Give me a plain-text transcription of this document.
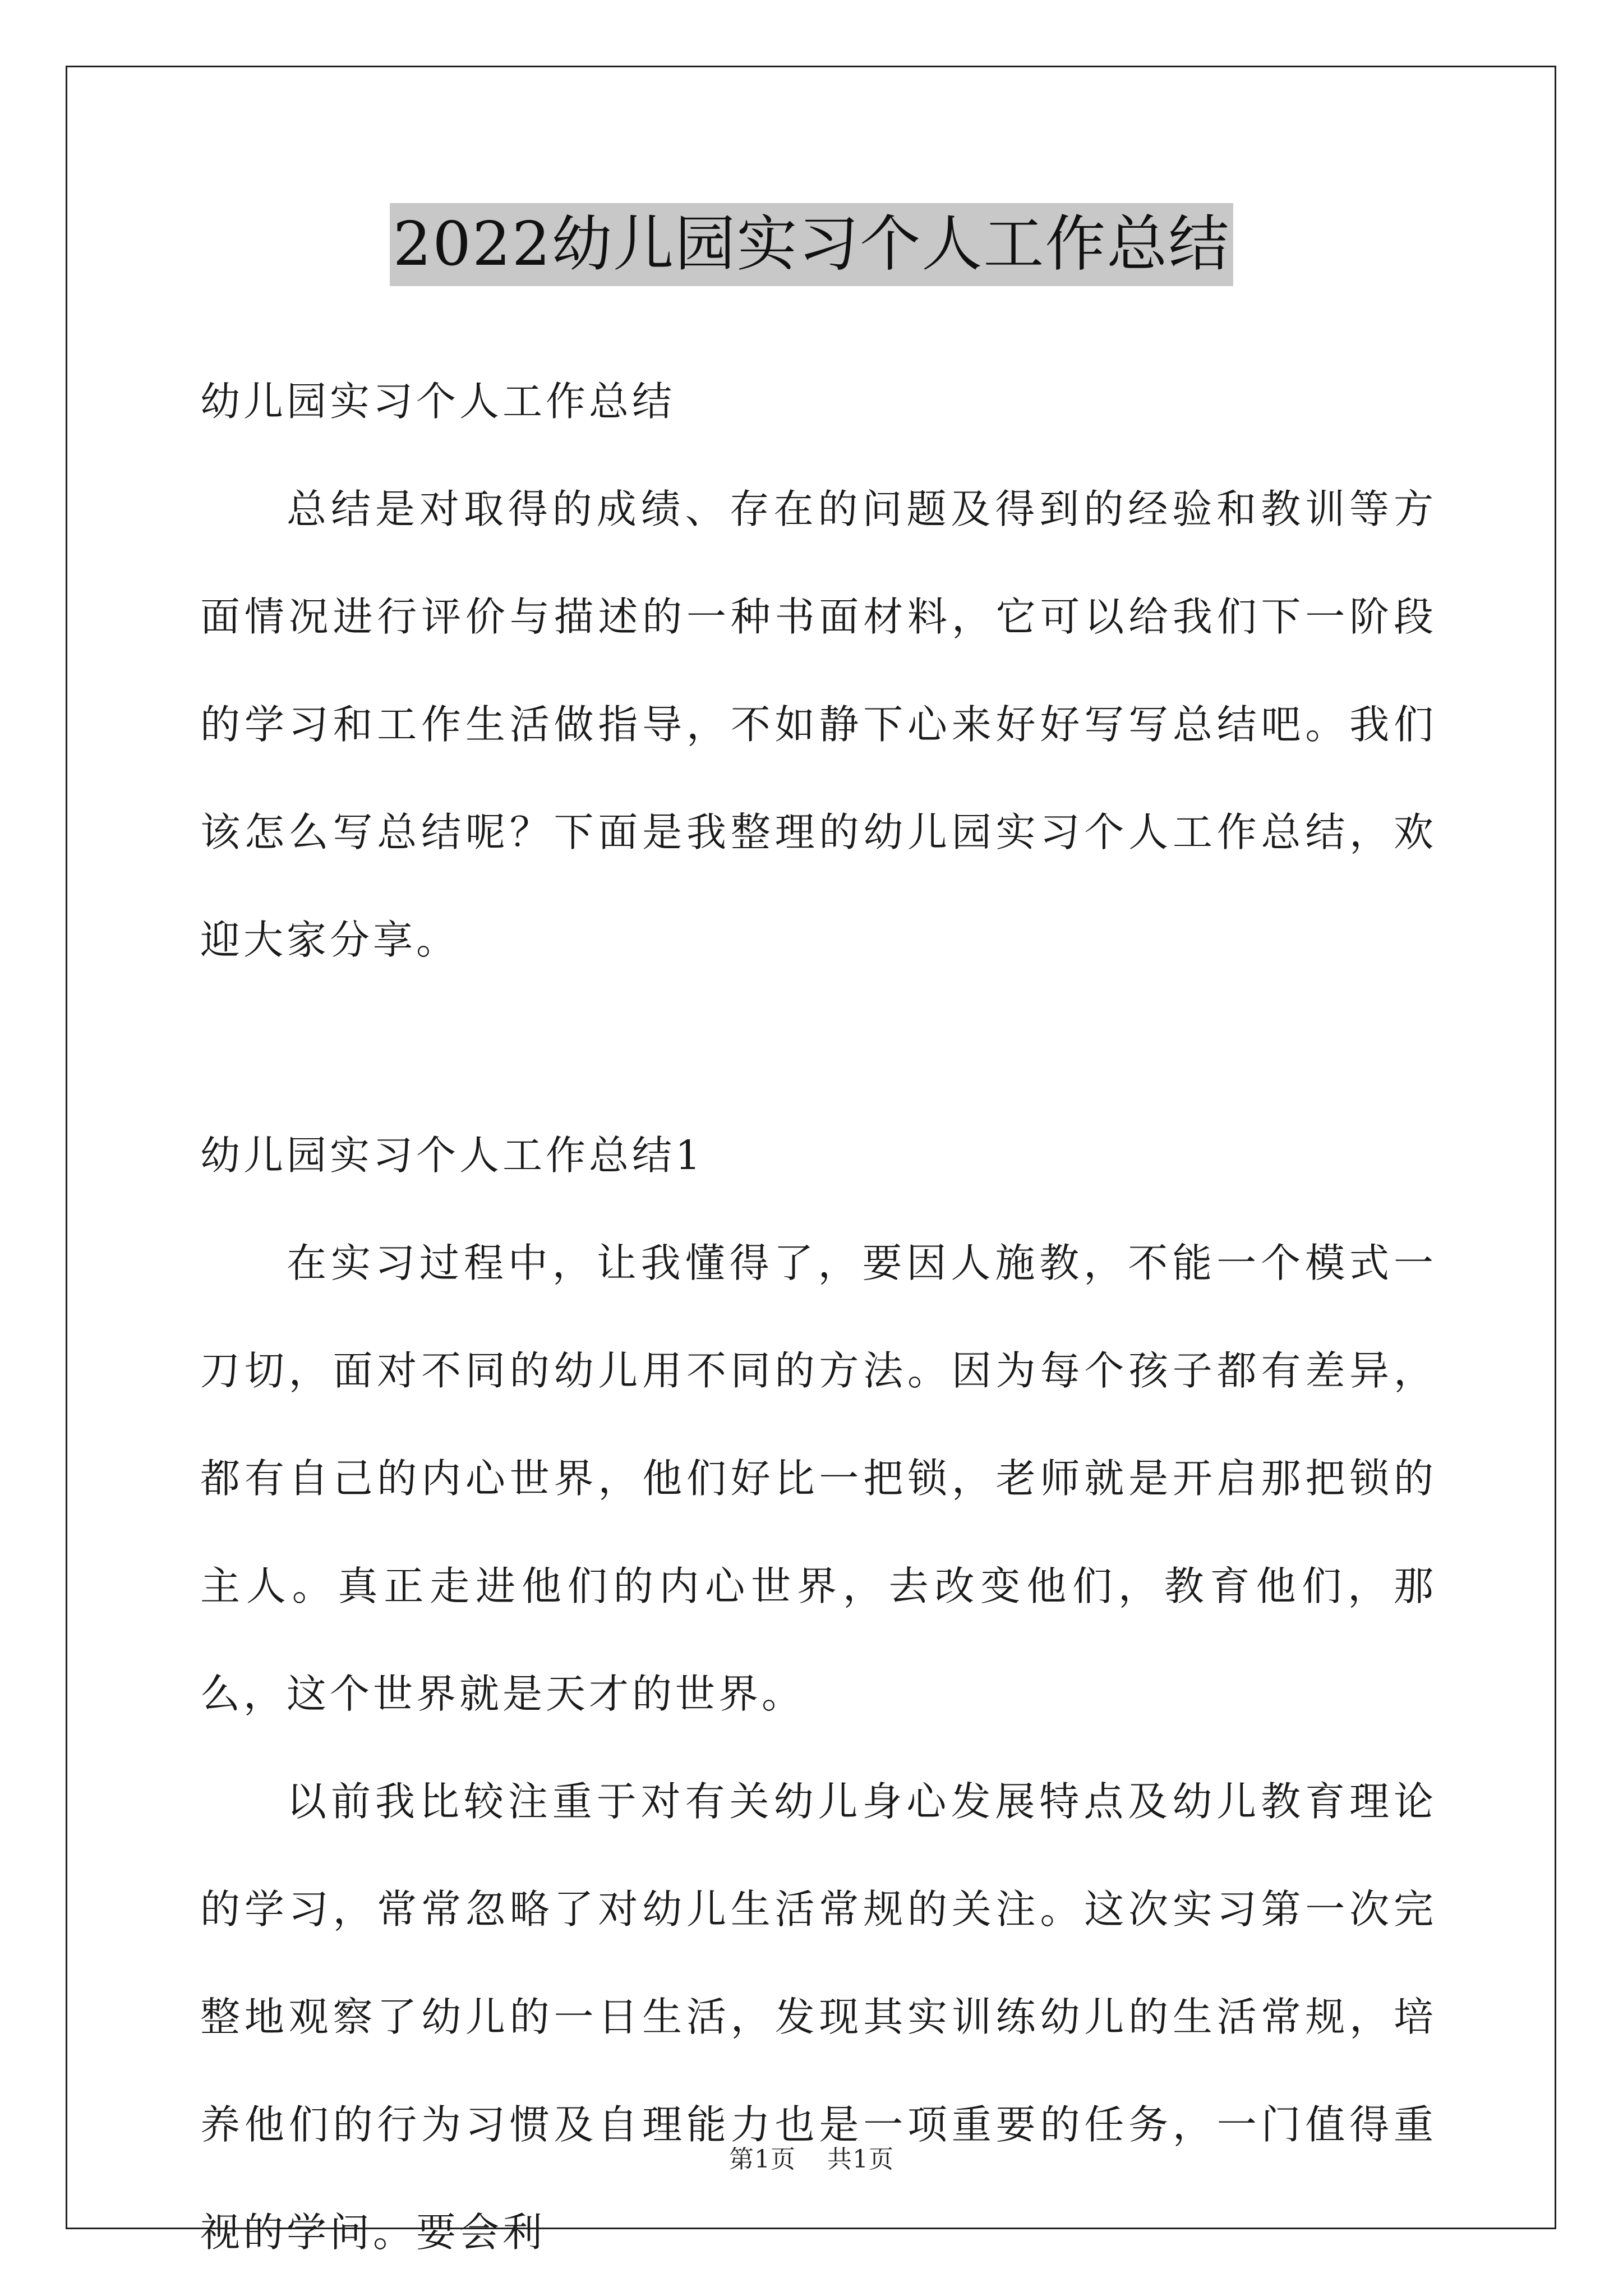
2022幼儿园实习个人工作总结

幼儿园实习个人工作总结

总结是对取得的成绩、存在的问题及得到的经验和教训等方面情况进行评价与描述的一种书面材料，它可以给我们下一阶段的学习和工作生活做指导，不如静下心来好好写写总结吧。我们该怎么写总结呢？下面是我整理的幼儿园实习个人工作总结，欢迎大家分享。

幼儿园实习个人工作总结1

在实习过程中，让我懂得了，要因人施教，不能一个模式一刀切，面对不同的幼儿用不同的方法。因为每个孩子都有差异，都有自己的内心世界，他们好比一把锁，老师就是开启那把锁的主人。真正走进他们的内心世界，去改变他们，教育他们，那么，这个世界就是天才的世界。

以前我比较注重于对有关幼儿身心发展特点及幼儿教育理论的学习，常常忽略了对幼儿生活常规的关注。这次实习第一次完整地观察了幼儿的一日生活，发现其实训练幼儿的生活常规，培养他们的行为习惯及自理能力也是一项重要的任务，一门值得重视的学问。要会利

第1页 共1页
